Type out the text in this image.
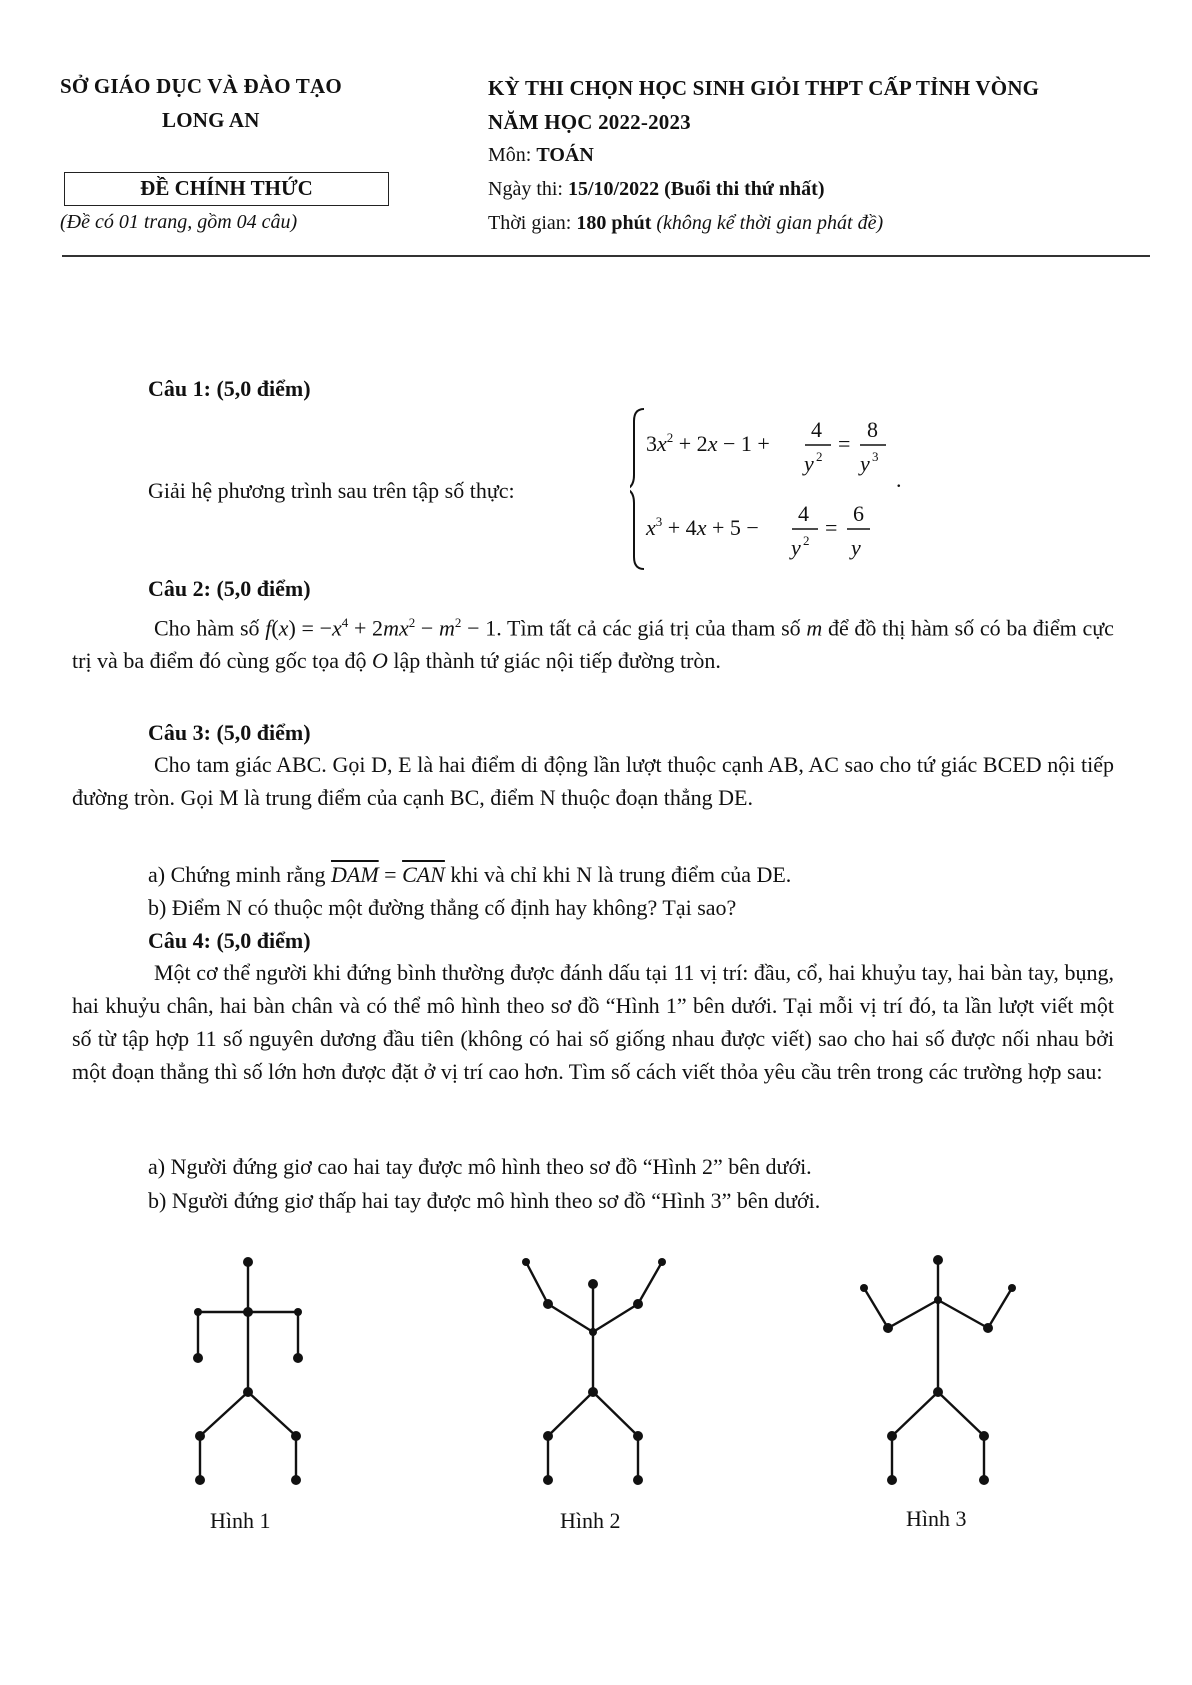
SỞ GIÁO DỤC VÀ ĐÀO TẠO
LONG AN
ĐỀ CHÍNH THỨC
(Đề có 01 trang, gồm 04 câu)
KỲ THI CHỌN HỌC SINH GIỎI THPT CẤP TỈNH VÒNG
NĂM HỌC 2022-2023
Môn: TOÁN
Ngày thi: 15/10/2022 (Buổi thi thứ nhất)
Thời gian: 180 phút (không kể thời gian phát đề)
Câu 1: (5,0 điểm)
Giải hệ phương trình sau trên tập số thực:
$3x^2 + 2x - 1$ +
4
y 2
=
8
y 3
.
$x^3 + 4x + 5$ −
4
y 2
=
6
y
Câu 2: (5,0 điểm)
Cho hàm số $f(x) = -x^4 + 2mx^2 - m^2 - 1$. Tìm tất cả các giá trị của tham số m để đồ thị hàm số có ba điểm cực trị và ba điểm đó cùng gốc tọa độ O lập thành tứ giác nội tiếp đường tròn.
Câu 3: (5,0 điểm)
Cho tam giác ABC. Gọi D, E là hai điểm di động lần lượt thuộc cạnh AB, AC sao cho tứ giác BCED nội tiếp đường tròn. Gọi M là trung điểm của cạnh BC, điểm N thuộc đoạn thẳng DE.
a) Chứng minh rằng $\overline{DAM} = \overline{CAN}$ khi và chỉ khi N là trung điểm của DE.
b) Điểm N có thuộc một đường thẳng cố định hay không? Tại sao?
Câu 4: (5,0 điểm)
Một cơ thể người khi đứng bình thường được đánh dấu tại 11 vị trí: đầu, cổ, hai khuỷu tay, hai bàn tay, bụng, hai khuỷu chân, hai bàn chân và có thể mô hình theo sơ đồ “Hình 1” bên dưới. Tại mỗi vị trí đó, ta lần lượt viết một số từ tập hợp 11 số nguyên dương đầu tiên (không có hai số giống nhau được viết) sao cho hai số được nối nhau bởi một đoạn thẳng thì số lớn hơn được đặt ở vị trí cao hơn. Tìm số cách viết thỏa yêu cầu trên trong các trường hợp sau:
a) Người đứng giơ cao hai tay được mô hình theo sơ đồ “Hình 2” bên dưới.
b) Người đứng giơ thấp hai tay được mô hình theo sơ đồ “Hình 3” bên dưới.
Hình 1	Hình 2	Hình 3
